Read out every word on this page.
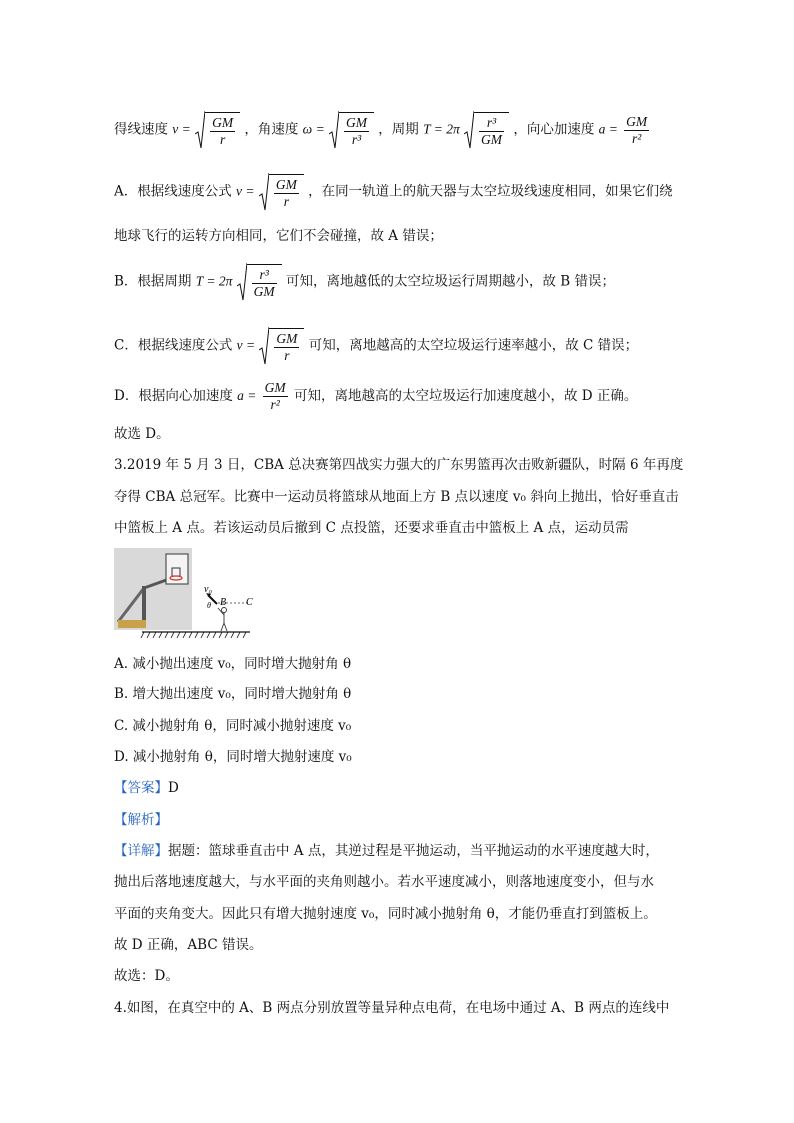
得线速度 $v = \frac{GM}{r}$ ，角速度 $\omega = \frac{GM}{\text{r³}}$ ，周期 $T = 2\pi \frac{\text{r³}}{GM}$ ，向心加速度 $a = \frac{GM}{\text{r²}}$
A．根据线速度公式 $v = \frac{GM}{r}$ ，在同一轨道上的航天器与太空垃圾线速度相同，如果它们绕
地球飞行的运转方向相同，它们不会碰撞，故 A 错误；
B．根据周期 $T = 2\pi \frac{\text{r³}}{GM}$ 可知，离地越低的太空垃圾运行周期越小，故 B 错误；
C．根据线速度公式 $v = \frac{GM}{r}$ 可知，离地越高的太空垃圾运行速率越小，故 C 错误；
D．根据向心加速度 $a = \frac{GM}{\text{r²}}$ 可知，离地越高的太空垃圾运行加速度越小，故 D 正确。
故选 D。
3.2019 年 5 月 3 日，CBA 总决赛第四战实力强大的广东男篮再次击败新疆队，时隔 6 年再度
夺得 CBA 总冠军。比赛中一运动员将篮球从地面上方 B 点以速度 v₀ 斜向上抛出，恰好垂直击
中篮板上 A 点。若该运动员后撤到 C 点投篮，还要求垂直击中篮板上 A 点，运动员需
v₀
θ B C
A. 减小抛出速度 v₀，同时增大抛射角 θ
B. 增大抛出速度 v₀，同时增大抛射角 θ
C. 减小抛射角 θ，同时减小抛射速度 v₀
D. 减小抛射角 θ，同时增大抛射速度 v₀
【答案】D
【解析】
【详解】据题：篮球垂直击中 A 点，其逆过程是平抛运动，当平抛运动的水平速度越大时，
抛出后落地速度越大，与水平面的夹角则越小。若水平速度减小，则落地速度变小，但与水
平面的夹角变大。因此只有增大抛射速度 v₀，同时减小抛射角 θ，才能仍垂直打到篮板上。
故 D 正确，ABC 错误。
故选：D。
4.如图，在真空中的 A、B 两点分别放置等量异种点电荷，在电场中通过 A、B 两点的连线中
